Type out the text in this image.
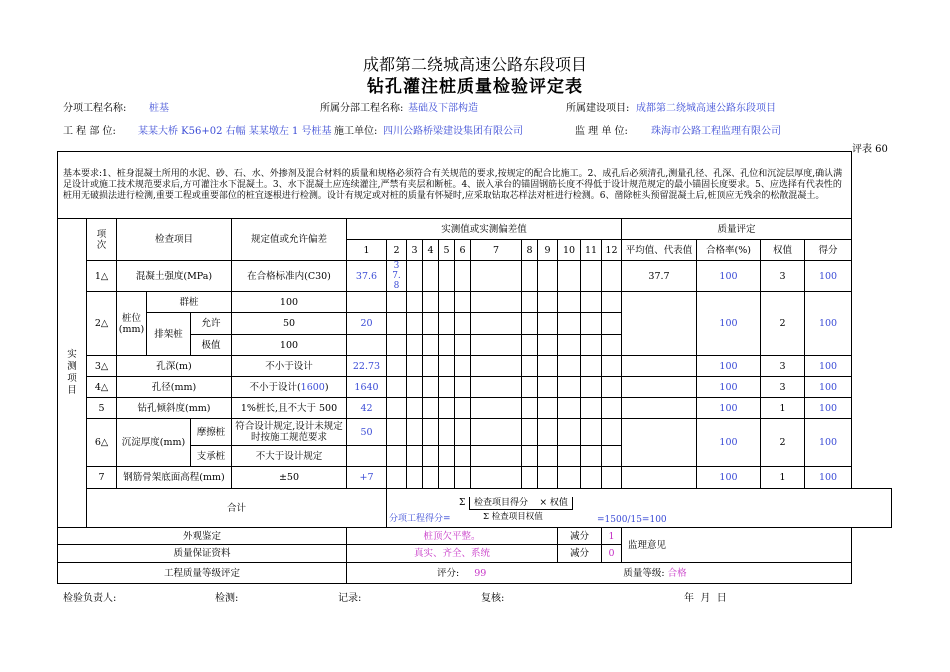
成都第二绕城高速公路东段项目
钻孔灌注桩质量检验评定表
分项工程名称: 桩基	所属分部工程名称: 基础及下部构造	所属建设项目: 成都第二绕城高速公路东段项目
工 程 部 位: 某某大桥 K56+02 右幅 某某墩左 1 号桩基 施工单位: 四川公路桥梁建设集团有限公司	监 理 单 位: 珠海市公路工程监理有限公司
评表 60
基本要求:1、桩身混凝土所用的水泥、砂、石、水、外掺剂及混合材料的质量和规格必须符合有关规范的要求,按规定的配合比施工。2、成孔后必须清孔,测量孔径、孔深、孔位和沉淀层厚度,确认满足设计或施工技术规范要求后,方可灌注水下混凝土。3、水下混凝土应连续灌注,严禁有夹层和断桩。4、嵌入承台的锚固钢筋长度不得低于设计规范规定的最小锚固长度要求。5、应选择有代表性的桩用无破损法进行检测,重要工程或重要部位的桩宜逐根进行检测。设计有规定或对桩的质量有怀疑时,应采取钻取芯样法对桩进行检测。6、凿除桩头预留混凝土后,桩顶应无残余的松散混凝土。																					

实测项目	项次	检查项目			规定值或允许偏差	实测值或实测偏差值												质量评定			
						1	2	3	4	5	6	7	8	9	10	11	12	平均值、代表值	合格率(%)	权值	得分
	1△	混凝土强度(MPa)			在合格标准内(C30)	37.6	37.8											37.7	100	3	100
	2△	桩位(mm)	群桩		100														100	2	100
			排架桩	允许	50	20															
				极值	100																
	3△	孔深(m)			不小于设计	22.73													100	3	100
	4△	孔径(mm)			不小于设计(1600)	1640													100	3	100
	5	钻孔倾斜度(mm)			1%桩长,且不大于 500	42													100	1	100
	6△	沉淀厚度(mm)		摩擦桩	符合设计规定,设计未规定时按施工规范要求	50													100	2	100
				支承桩	不大于设计规定																
	7	钢筋骨架底面高程(mm)			±50	+7													100	1	100
	合计						Σ 检查项目得分 × 权值
分项工程得分= Σ 检查项目权值 =1500/15=100														

外观鉴定						桩顶欠平整。									减分		1	监理意见			
质量保证资料						真实、齐全、系统									减分		0				
工程质量等级评定						评分: 99 质量等级: 合格															
检验负责人:	检测:	记录:	复核:	年  月  日
